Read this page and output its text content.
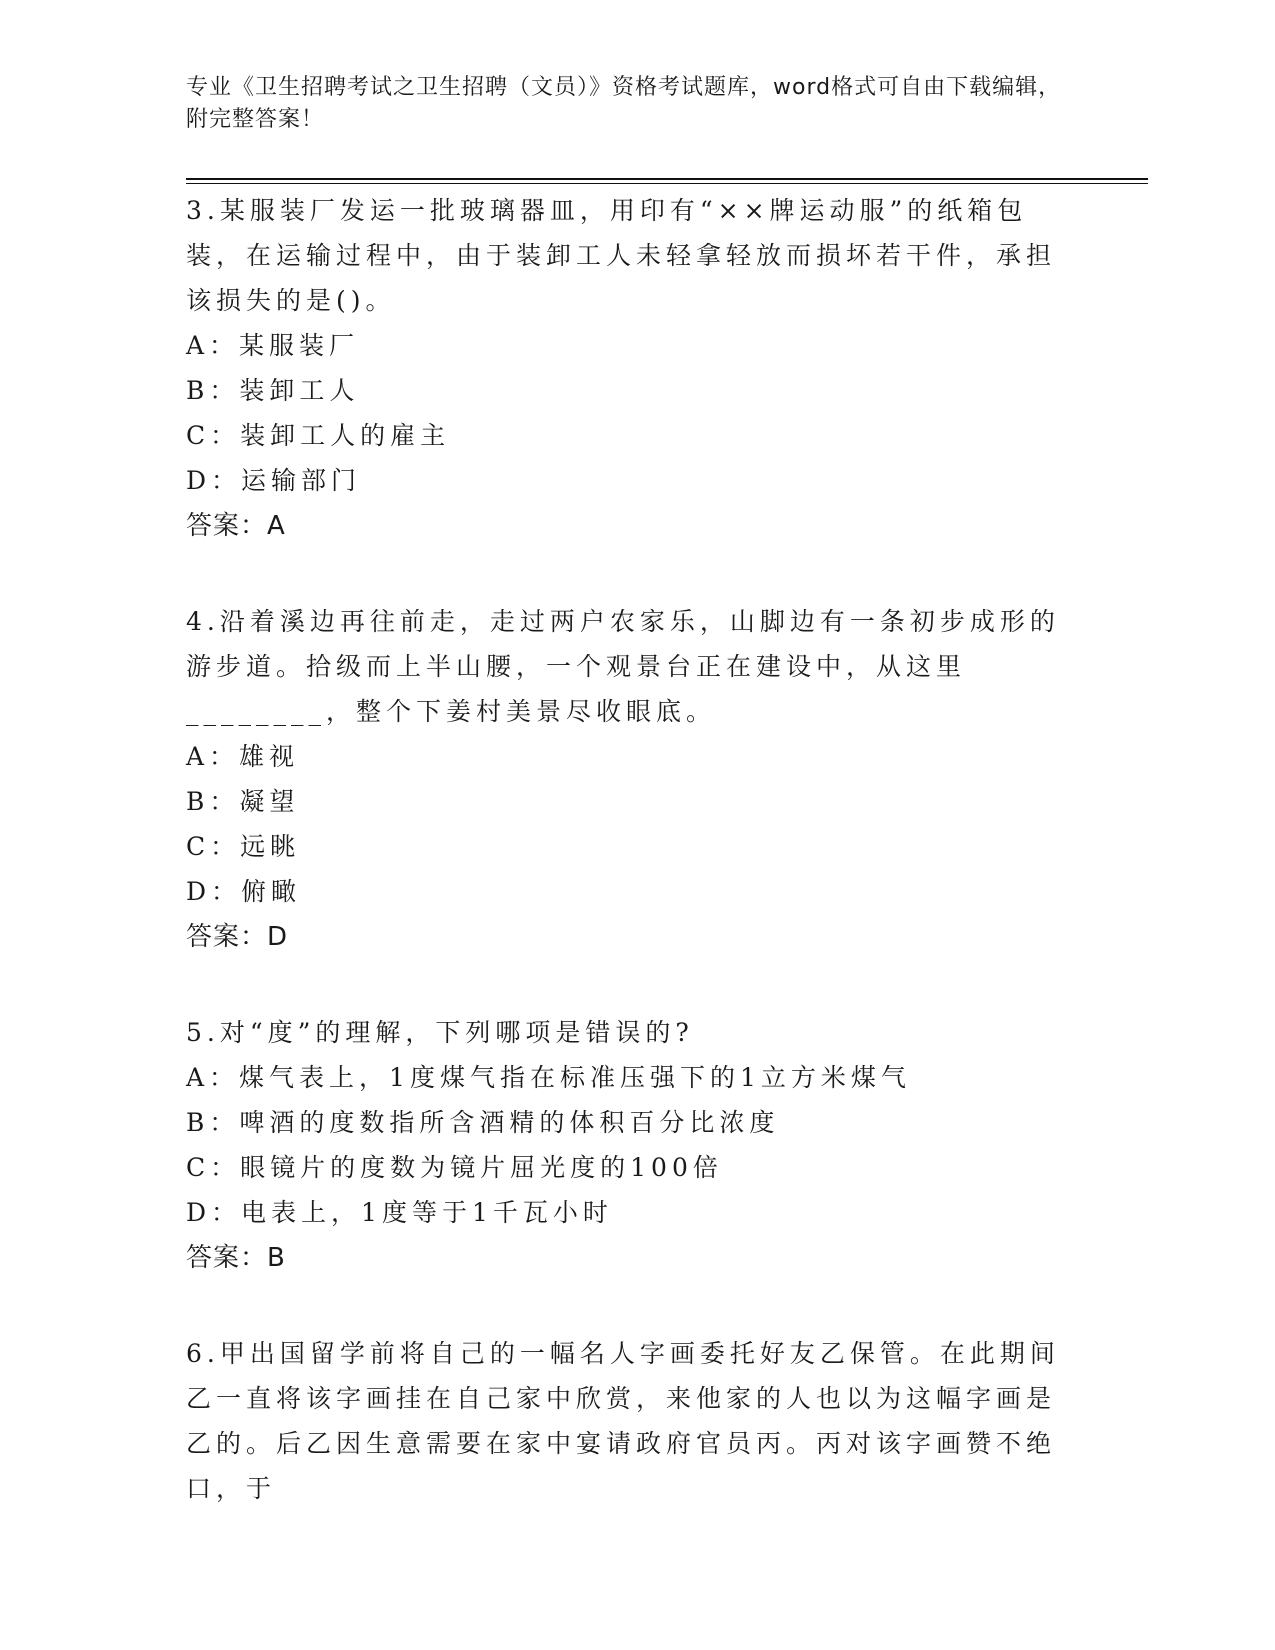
专业《卫生招聘考试之卫生招聘（文员）》资格考试题库，word格式可自由下载编辑，附完整答案！

3.某服装厂发运一批玻璃器皿，用印有“××牌运动服”的纸箱包装，在运输过程中，由于装卸工人未轻拿轻放而损坏若干件，承担该损失的是()。

A：某服装厂

B：装卸工人

C：装卸工人的雇主

D：运输部门

答案：A

4.沿着溪边再往前走，走过两户农家乐，山脚边有一条初步成形的游步道。拾级而上半山腰，一个观景台正在建设中，从这里________，整个下姜村美景尽收眼底。

A：雄视

B：凝望

C：远眺

D：俯瞰

答案：D

5.对“度”的理解，下列哪项是错误的?

A：煤气表上，1度煤气指在标准压强下的1立方米煤气

B：啤酒的度数指所含酒精的体积百分比浓度

C：眼镜片的度数为镜片屈光度的100倍

D：电表上，1度等于1千瓦小时

答案：B

6.甲出国留学前将自己的一幅名人字画委托好友乙保管。在此期间乙一直将该字画挂在自己家中欣赏，来他家的人也以为这幅字画是乙的。后乙因生意需要在家中宴请政府官员丙。丙对该字画赞不绝口，于
